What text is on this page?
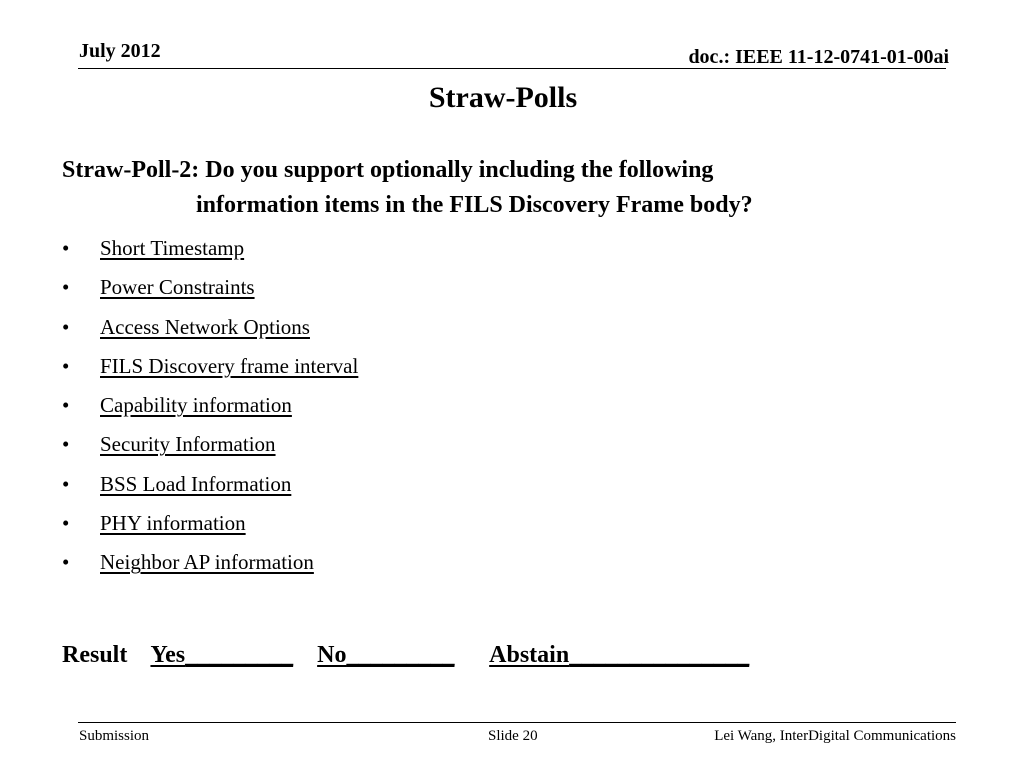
July 2012	doc.: IEEE 11-12-0741-01-00ai
Straw-Polls
Straw-Poll-2: Do you support optionally including the following
information items in the FILS Discovery Frame body?
•	Short Timestamp
•	Power Constraints
•	Access Network Options
•	FILS Discovery frame interval
•	Capability information
•	Security Information
•	BSS Load Information
•	PHY information
•	Neighbor AP information
Result Yes_________ No_________ Abstain_______________
Submission	Slide 20	Lei Wang, InterDigital Communications
